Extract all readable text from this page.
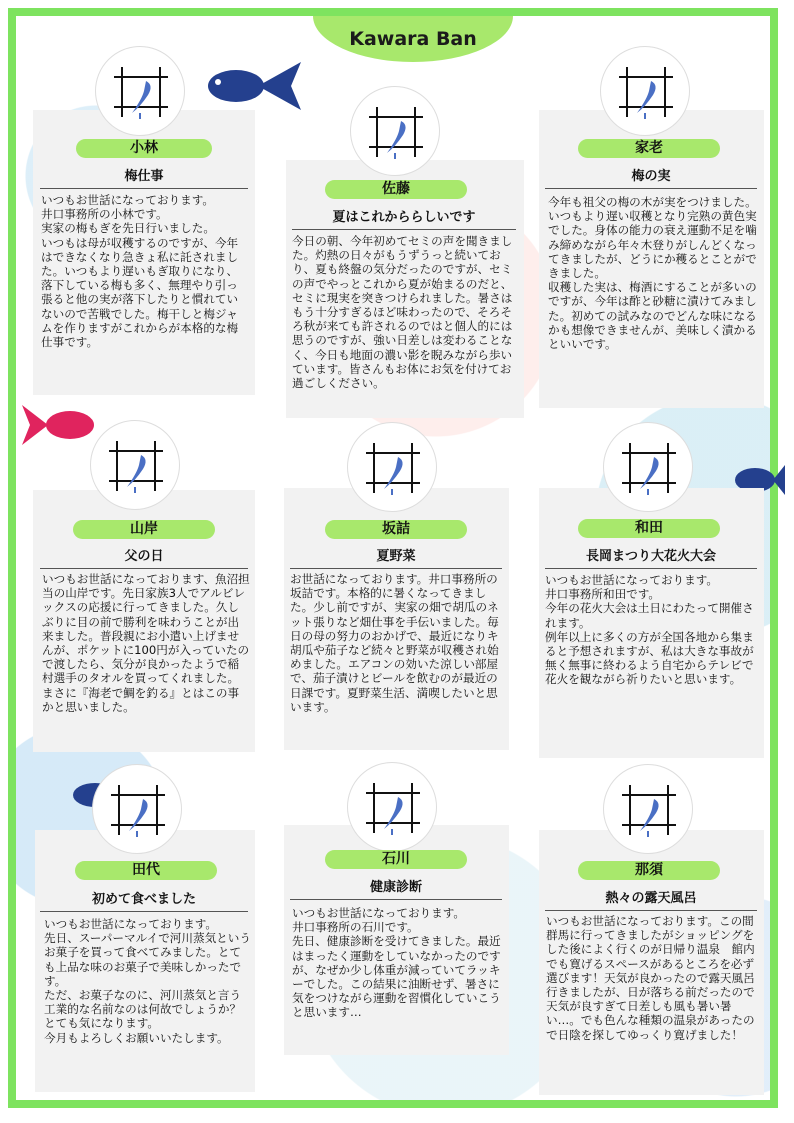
Kawara Ban
小林
梅仕事
いつもお世話になっております。
井口事務所の小林です。
実家の梅もぎを先日行いました。
いつもは母が収穫するのですが、今年はできなくなり急きょ私に託されました。いつもより遅いもぎ取りになり、落下している梅も多く、無理やり引っ張ると他の実が落下したりと慣れていないので苦戦でした。梅干しと梅ジャムを作りますがこれからが本格的な梅仕事です。
佐藤
夏はこれかららしいです
今日の朝、今年初めてセミの声を聞きました。灼熱の日々がもうずうっと続いており、夏も終盤の気分だったのですが、セミの声でやっとこれから夏が始まるのだと、セミに現実を突きつけられました。暑さはもう十分すぎるほど味わったので、そろそろ秋が来ても許されるのではと個人的には思うのですが、強い日差しは変わることなく、今日も地面の濃い影を睨みながら歩いています。皆さんもお体にお気を付けてお過ごしください。
家老
梅の実
今年も祖父の梅の木が実をつけました。いつもより遅い収穫となり完熟の黄色実でした。身体の能力の衰え運動不足を噛み締めながら年々木登りがしんどくなってきましたが、どうにか穫るとことができました。
収穫した実は、梅酒にすることが多いのですが、今年は酢と砂糖に漬けてみました。初めての試みなのでどんな味になるかも想像できませんが、美味しく漬かるといいです。
山岸
父の日
いつもお世話になっております、魚沼担当の山岸です。先日家族3人でアルビレックスの応援に行ってきました。久しぶりに目の前で勝利を味わうことが出来ました。普段親にお小遣い上げませんが、ポケットに100円が入っていたので渡したら、気分が良かったようで稲村選手のタオルを買ってくれました。まさに『海老で鯛を釣る』とはこの事かと思いました。
坂詰
夏野菜
お世話になっております。井口事務所の坂詰です。本格的に暑くなってきました。少し前ですが、実家の畑で胡瓜のネット張りなど畑仕事を手伝いました。毎日の母の努力のおかげで、最近になりキ胡瓜や茄子など続々と野菜が収穫され始めました。エアコンの効いた涼しい部屋で、茄子漬けとビールを飲むのが最近の日課です。夏野菜生活、満喫したいと思います。
和田
長岡まつり大花火大会
いつもお世話になっております。
井口事務所和田です。
今年の花火大会は土日にわたって開催されます。
例年以上に多くの方が全国各地から集まると予想されますが、私は大きな事故が無く無事に終わるよう自宅からテレビで花火を観ながら祈りたいと思います。
田代
初めて食べました
いつもお世話になっております。
先日、スーパーマルイで河川蒸気というお菓子を買って食べてみました。とても上品な味のお菓子で美味しかったです。
ただ、お菓子なのに、河川蒸気と言う工業的な名前なのは何故でしょうか？
とても気になります。
今月もよろしくお願いいたします。
石川
健康診断
いつもお世話になっております。
井口事務所の石川です。
先日、健康診断を受けてきました。最近はまったく運動をしていなかったのですが、なぜか少し体重が減っていてラッキーでした。この結果に油断せず、暑さに気をつけながら運動を習慣化していこうと思います…
那須
熱々の露天風呂
いつもお世話になっております。この間群馬に行ってきましたがショッピングをした後によく行くのが日帰り温泉　館内でも寛げるスペースがあるところを必ず選びます！天気が良かったので露天風呂行きましたが、日が落ちる前だったので天気が良すぎて日差しも風も暑い暑い…。でも色んな種類の温泉があったので日陰を探してゆっくり寛げました！
